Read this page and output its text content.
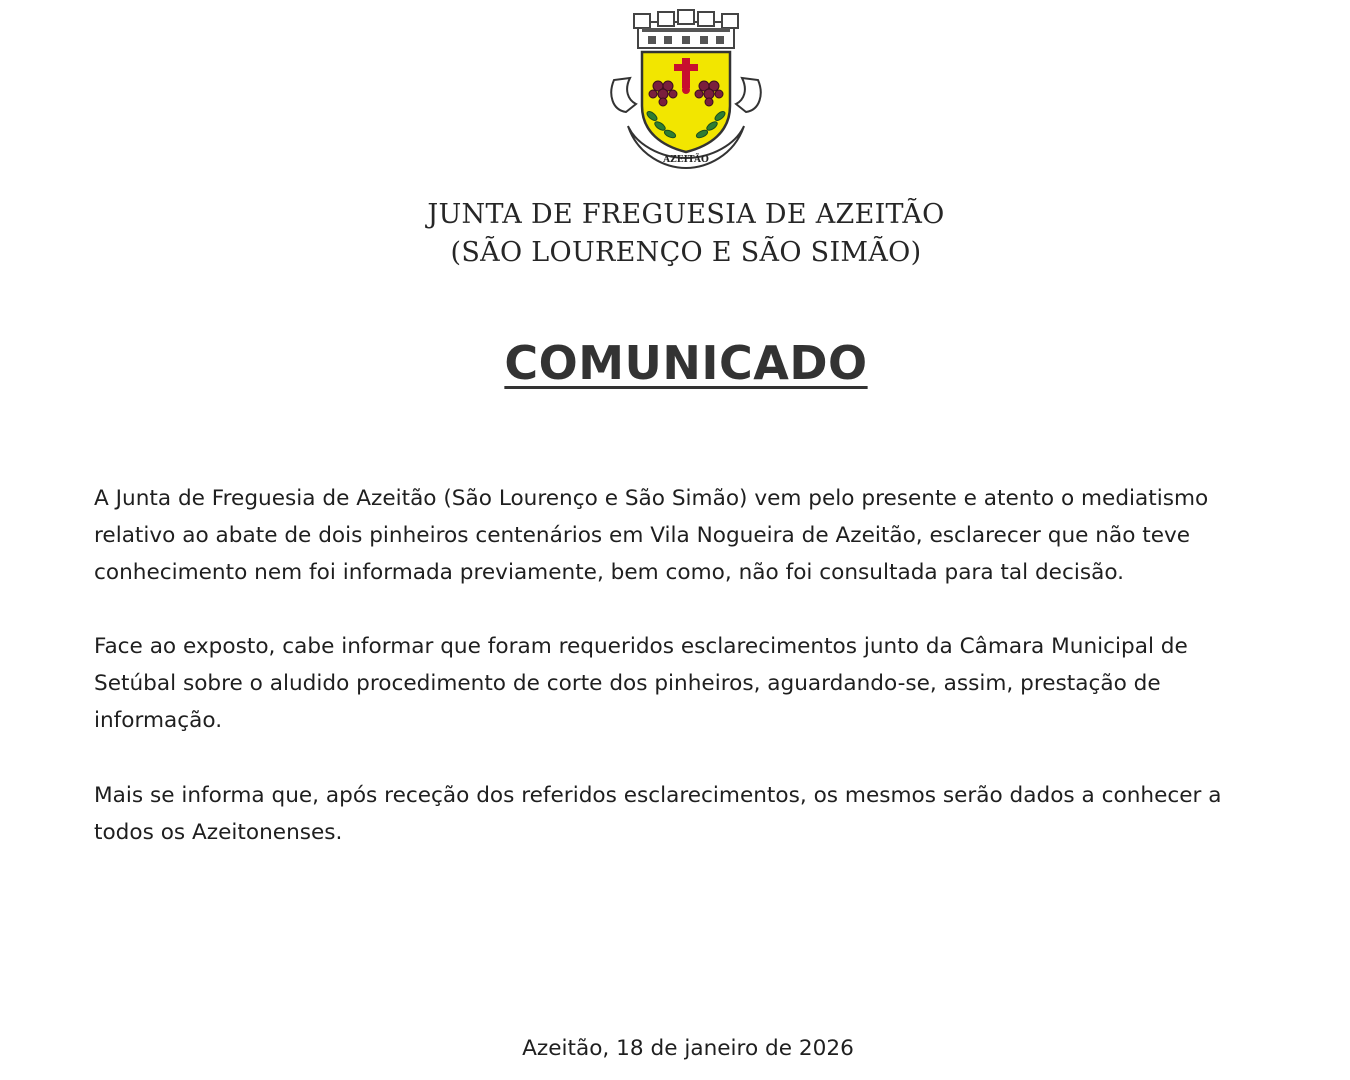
AZEITÃO
JUNTA DE FREGUESIA DE AZEITÃO
(SÃO LOURENÇO E SÃO SIMÃO)
COMUNICADO

A Junta de Freguesia de Azeitão (São Lourenço e São Simão) vem pelo presente e atento o mediatismo relativo ao abate de dois pinheiros centenários em Vila Nogueira de Azeitão, esclarecer que não teve conhecimento nem foi informada previamente, bem como, não foi consultada para tal decisão.

Face ao exposto, cabe informar que foram requeridos esclarecimentos junto da Câmara Municipal de Setúbal sobre o aludido procedimento de corte dos pinheiros, aguardando-se, assim, prestação de informação.

Mais se informa que, após receção dos referidos esclarecimentos, os mesmos serão dados a conhecer a todos os Azeitonenses.

Azeitão, 18 de janeiro de 2026
